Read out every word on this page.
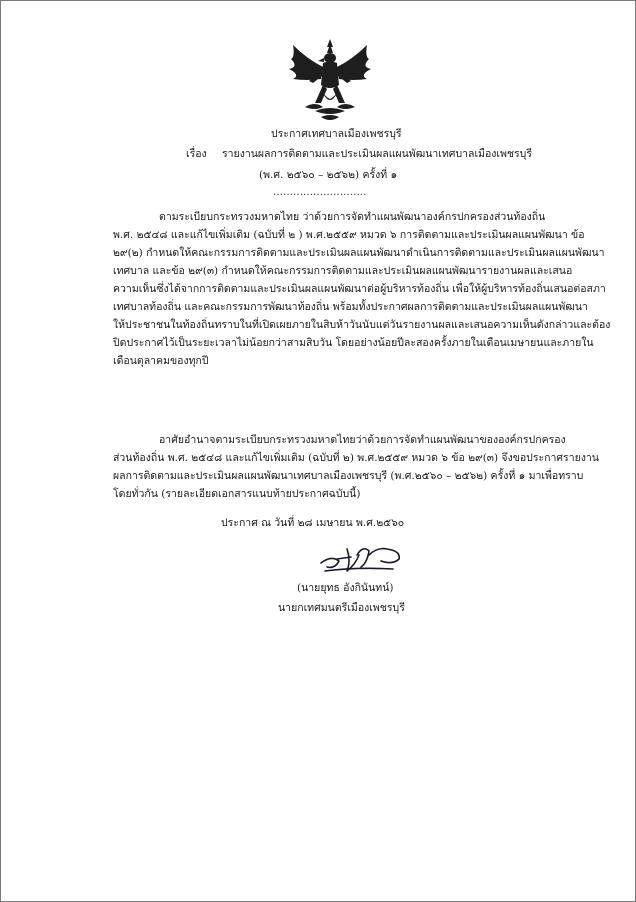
ประกาศเทศบาลเมืองเพชรบุรี
เรื่อง รายงานผลการติดตามและประเมินผลแผนพัฒนาเทศบาลเมืองเพชรบุรี
(พ.ศ. ๒๕๖๐ – ๒๕๖๒) ครั้งที่ ๑
............................
ตามระเบียบกระทรวงมหาดไทย ว่าด้วยการจัดทำแผนพัฒนาองค์กรปกครองส่วนท้องถิ่น
พ.ศ. ๒๕๔๘ และแก้ไขเพิ่มเติม (ฉบับที่ ๒ ) พ.ศ.๒๕๕๙ หมวด ๖ การติดตามและประเมินผลแผนพัฒนา ข้อ
๒๙(๒) กำหนดให้คณะกรรมการติดตามและประเมินผลแผนพัฒนาดำเนินการติดตามและประเมินผลแผนพัฒนา
เทศบาล และข้อ ๒๙(๓) กำหนดให้คณะกรรมการติดตามและประเมินผลแผนพัฒนารายงานผลและเสนอ
ความเห็นซึ่งได้จากการติดตามและประเมินผลแผนพัฒนาต่อผู้บริหารท้องถิ่น เพื่อให้ผู้บริหารท้องถิ่นเสนอต่อสภา
เทศบาลท้องถิ่น และคณะกรรมการพัฒนาท้องถิ่น พร้อมทั้งประกาศผลการติดตามและประเมินผลแผนพัฒนา
ให้ประชาชนในท้องถิ่นทราบในที่เปิดเผยภายในสิบห้าวันนับแต่วันรายงานผลและเสนอความเห็นดังกล่าวและต้อง
ปิดประกาศไว้เป็นระยะเวลาไม่น้อยกว่าสามสิบวัน โดยอย่างน้อยปีละสองครั้งภายในเดือนเมษายนและภายใน
เดือนตุลาคมของทุกปี
อาศัยอำนาจตามระเบียบกระทรวงมหาดไทยว่าด้วยการจัดทำแผนพัฒนาขององค์กรปกครอง
ส่วนท้องถิ่น พ.ศ. ๒๕๔๘ และแก้ไขเพิ่มเติม (ฉบับที่ ๒) พ.ศ.๒๕๕๙ หมวด ๖ ข้อ ๒๙(๓) จึงขอประกาศรายงาน
ผลการติดตามและประเมินผลแผนพัฒนาเทศบาลเมืองเพชรบุรี (พ.ศ.๒๕๖๐ – ๒๕๖๒) ครั้งที่ ๑ มาเพื่อทราบ
โดยทั่วกัน (รายละเอียดเอกสารแนบท้ายประกาศฉบับนี้)
ประกาศ ณ วันที่ ๒๘ เมษายน พ.ศ.๒๕๖๐
(นายยุทธ อังกินันทน์)
นายกเทศมนตรีเมืองเพชรบุรี
